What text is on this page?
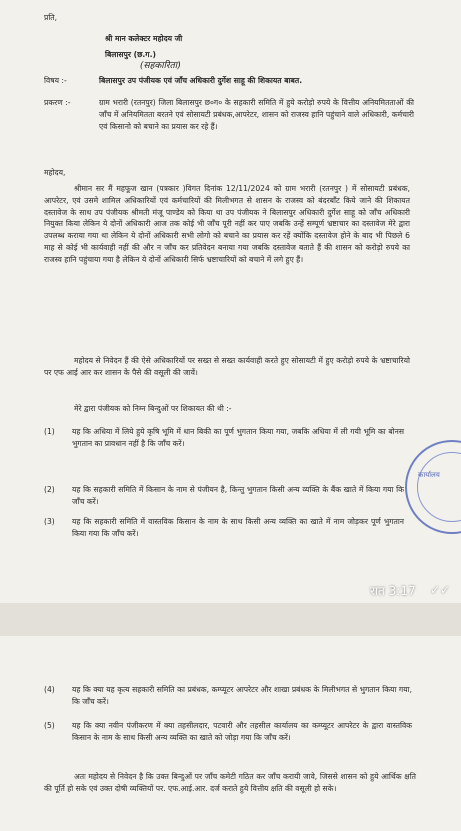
प्रति,
श्री मान कलेक्टर महोदय जी
बिलासपुर (छ.ग.)
(सहकारिता)
विषय :-	बिलासपुर उप पंजीयक एवं जाँच अधिकारी दुर्गेश साहू की शिकायत बाबत.
प्रकरण :-	ग्राम भरारी (रतनपुर) जिला बिलासपुर छ०ग० के सहकारी समिति में हुये करोड़ो रुपये के वित्तीय अनियमितताओं की जाँच में अनियमितता बरतने एवं सोसायटी प्रबंधक,आपरेटर, शासन को राजस्व हानि पहुंचाने वाले अधिकारी, कर्मचारी एवं किसानो को बचाने का प्रयास कर रहे हैं।
महोदय,
श्रीमान सर मैं महफूज खान (पत्रकार )विगत दिनांक 12/11/2024 को ग्राम भरारी (रतनपुर ) में सोसायटी प्रबंधक, आपरेटर, एवं उसमे शामिल अधिकारियों एवं कर्मचारियों की मिलीभगत से शासन के राजस्व को बंदरबाँट किये जाने की शिकायत दस्तावेज के साथ उप पंजीयक श्रीमती मंजू पाण्डेय को किया था उप पंजीयक ने बिलासपुर अधिकारी दुर्गेश साहू को जाँच अधिकारी नियुक्त किया लेकिन ये दोनों अधिकारी आज तक कोई भी जाँच पूरी नहीं कर पाए जबकि उन्हें सम्पूर्ण भ्रष्टाचार का दस्तावेज मेरे द्वारा उपलब्ध कराया गया था लेकिन ये दोनों अधिकारी सभी लोगो को बचाने का प्रयास कर रहें क्योंकि दस्तावेज होने के बाद भी पिछले 6 माह से कोई भी कार्यवाही नहीं की और न जाँच कर प्रतिवेदन बनाया गया जबकि दस्तावेज बताते हैं की शासन को करोड़ो रुपये का राजस्व हानि पहुंचाया गया है लेकिन ये दोनों अधिकारी सिर्फ भ्रष्टाचारियों को बचाने में लगे हुए हैं।
महोदय से निवेदन हैं की ऐसे अधिकारियों पर सख्त से सख्त कार्यवाही करते हुए सोसायटी में हुए करोड़ो रुपये के भ्रष्टाचारियो पर एफ आई आर कर शासन के पैसे की वसूली की जावें।
मेरे द्वारा पंजीयक को निम्न बिन्दुओं पर शिकायत की थी :-
(1) यह कि अधिया में लिये हुये कृषि भूमि में धान बिकी का पूर्ण भुगतान किया गया, जबकि अधिया में ली गयी भूमि का बोनस भुगतान का प्रावधान नहीं है कि जाँच करें।
(2) यह कि सहकारी समिति में किसान के नाम से पंजीयन है, किन्तु भुगतान किसी अन्य व्यक्ति के बैंक खाते में किया गया कि जाँच करें।
(3) यह कि सहकारी समिति में वास्तविक किसान के नाम के साथ किसी अन्य व्यक्ति का खाते में नाम जोड़कर पूर्ण भुगतान किया गया कि जाँच करें।
कार्यालय
रात 3:17 ✓✓
(4) यह कि क्या यह कृत्य सहकारी समिति का प्रबंधक, कम्प्यूटर आपरेटर और शाखा प्रबंधक के मिलीभगत से भुगतान किया गया, कि जाँच करें।
(5) यह कि क्या नवीन पंजीकरण में क्या तहसीलदार, पटवारी और तहसील कार्यालय का कम्प्यूटर आपरेटर के द्वारा वास्तविक किसान के नाम के साथ किसी अन्य व्यक्ति का खाते को जोड़ा गया कि जाँच करें।
अतः महोदय से निवेदन है कि उक्त बिन्दुओं पर जाँच कमेटी गठित कर जाँच करायी जावे, जिससे शासन को हुये आर्थिक क्षति की पूर्ति हो सके एवं उक्त दोषी व्यक्तियों पर. एफ.आई.आर. दर्ज कराते हुये वित्तीय क्षति की वसूली हो सके।
